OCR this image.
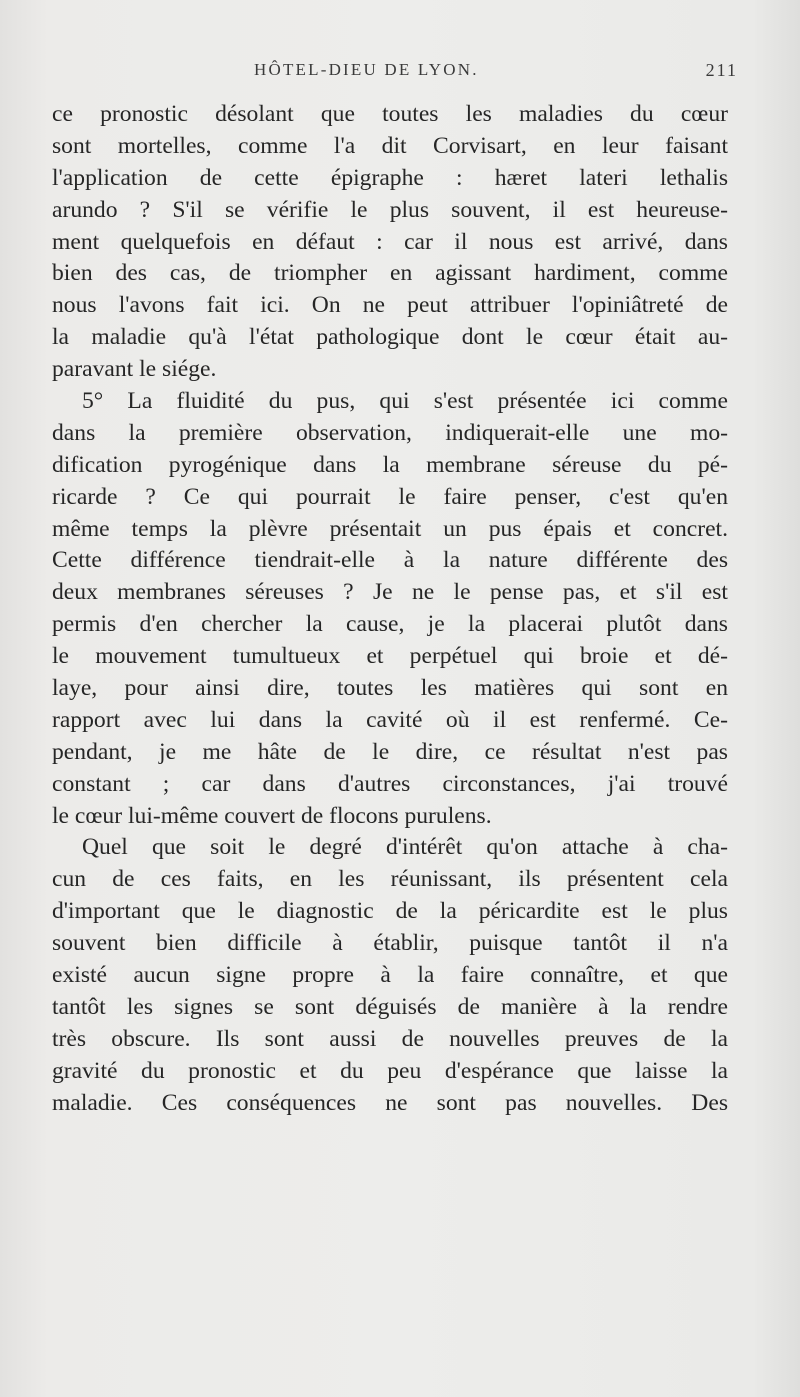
HÔTEL-DIEU DE LYON.	211
ce pronostic désolant que toutes les maladies du cœur
sont mortelles, comme l'a dit Corvisart, en leur faisant
l'application de cette épigraphe : hæret lateri lethalis
arundo ? S'il se vérifie le plus souvent, il est heureuse-
ment quelquefois en défaut : car il nous est arrivé, dans
bien des cas, de triompher en agissant hardiment, comme
nous l'avons fait ici. On ne peut attribuer l'opiniâtreté de
la maladie qu'à l'état pathologique dont le cœur était au-
paravant le siége.
5° La fluidité du pus, qui s'est présentée ici comme
dans la première observation, indiquerait-elle une mo-
dification pyrogénique dans la membrane séreuse du pé-
ricarde ? Ce qui pourrait le faire penser, c'est qu'en
même temps la plèvre présentait un pus épais et concret.
Cette différence tiendrait-elle à la nature différente des
deux membranes séreuses ? Je ne le pense pas, et s'il est
permis d'en chercher la cause, je la placerai plutôt dans
le mouvement tumultueux et perpétuel qui broie et dé-
laye, pour ainsi dire, toutes les matières qui sont en
rapport avec lui dans la cavité où il est renfermé. Ce-
pendant, je me hâte de le dire, ce résultat n'est pas
constant ; car dans d'autres circonstances, j'ai trouvé
le cœur lui-même couvert de flocons purulens.
Quel que soit le degré d'intérêt qu'on attache à cha-
cun de ces faits, en les réunissant, ils présentent cela
d'important que le diagnostic de la péricardite est le plus
souvent bien difficile à établir, puisque tantôt il n'a
existé aucun signe propre à la faire connaître, et que
tantôt les signes se sont déguisés de manière à la rendre
très obscure. Ils sont aussi de nouvelles preuves de la
gravité du pronostic et du peu d'espérance que laisse la
maladie. Ces conséquences ne sont pas nouvelles. Des
